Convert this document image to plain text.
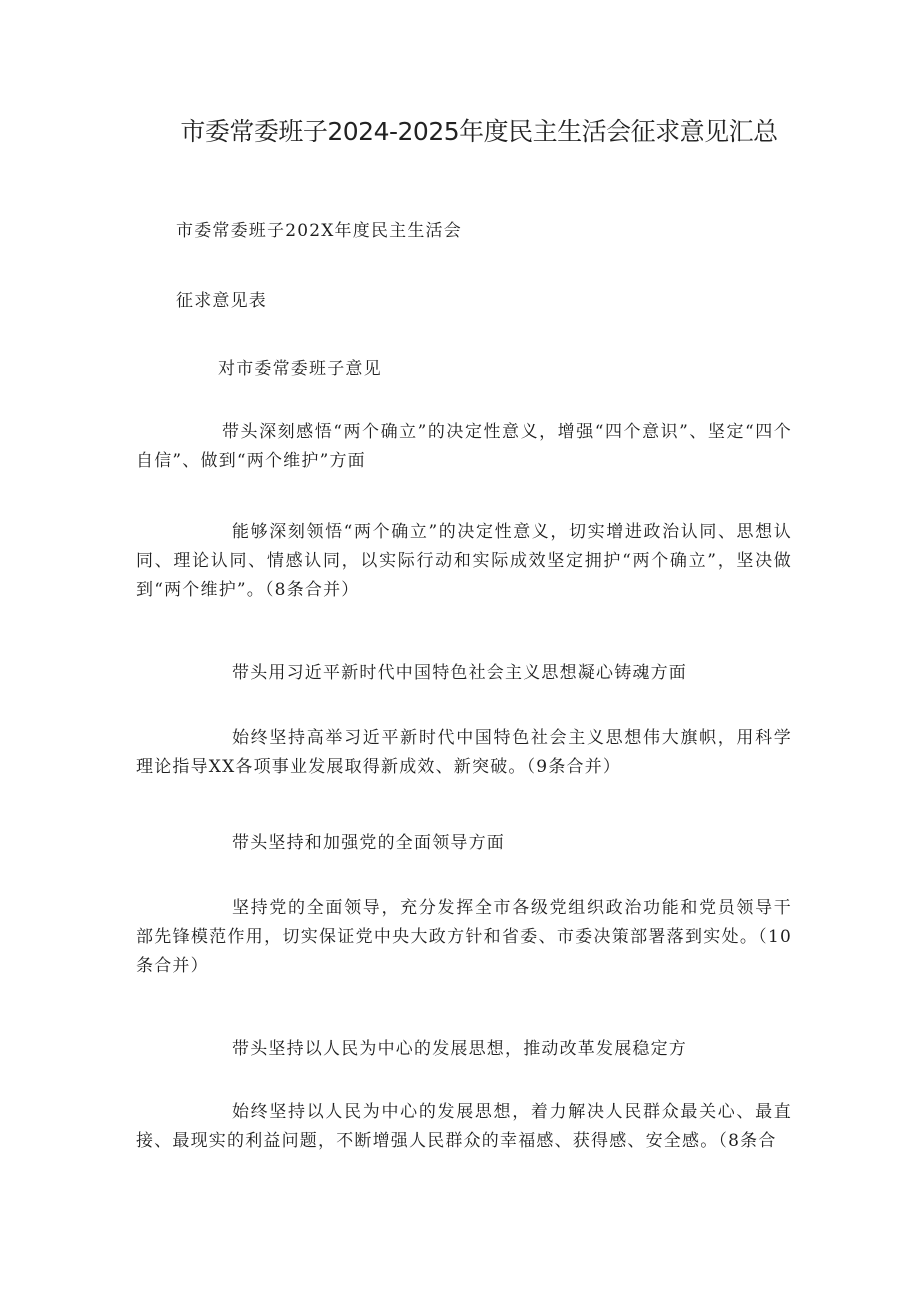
市委常委班子2024-2025年度民主生活会征求意见汇总
市委常委班子202X年度民主生活会
征求意见表
对市委常委班子意见
带头深刻感悟“两个确立”的决定性意义，增强“四个意识”、坚定“四个自信”、做到“两个维护”方面
能够深刻领悟“两个确立”的决定性意义，切实增进政治认同、思想认同、理论认同、情感认同，以实际行动和实际成效坚定拥护“两个确立”，坚决做到“两个维护”。（8条合并）
带头用习近平新时代中国特色社会主义思想凝心铸魂方面
始终坚持高举习近平新时代中国特色社会主义思想伟大旗帜，用科学理论指导XX各项事业发展取得新成效、新突破。（9条合并）
带头坚持和加强党的全面领导方面
坚持党的全面领导，充分发挥全市各级党组织政治功能和党员领导干部先锋模范作用，切实保证党中央大政方针和省委、市委决策部署落到实处。（10条合并）
带头坚持以人民为中心的发展思想，推动改革发展稳定方
始终坚持以人民为中心的发展思想，着力解决人民群众最关心、最直接、最现实的利益问题，不断增强人民群众的幸福感、获得感、安全感。（8条合
